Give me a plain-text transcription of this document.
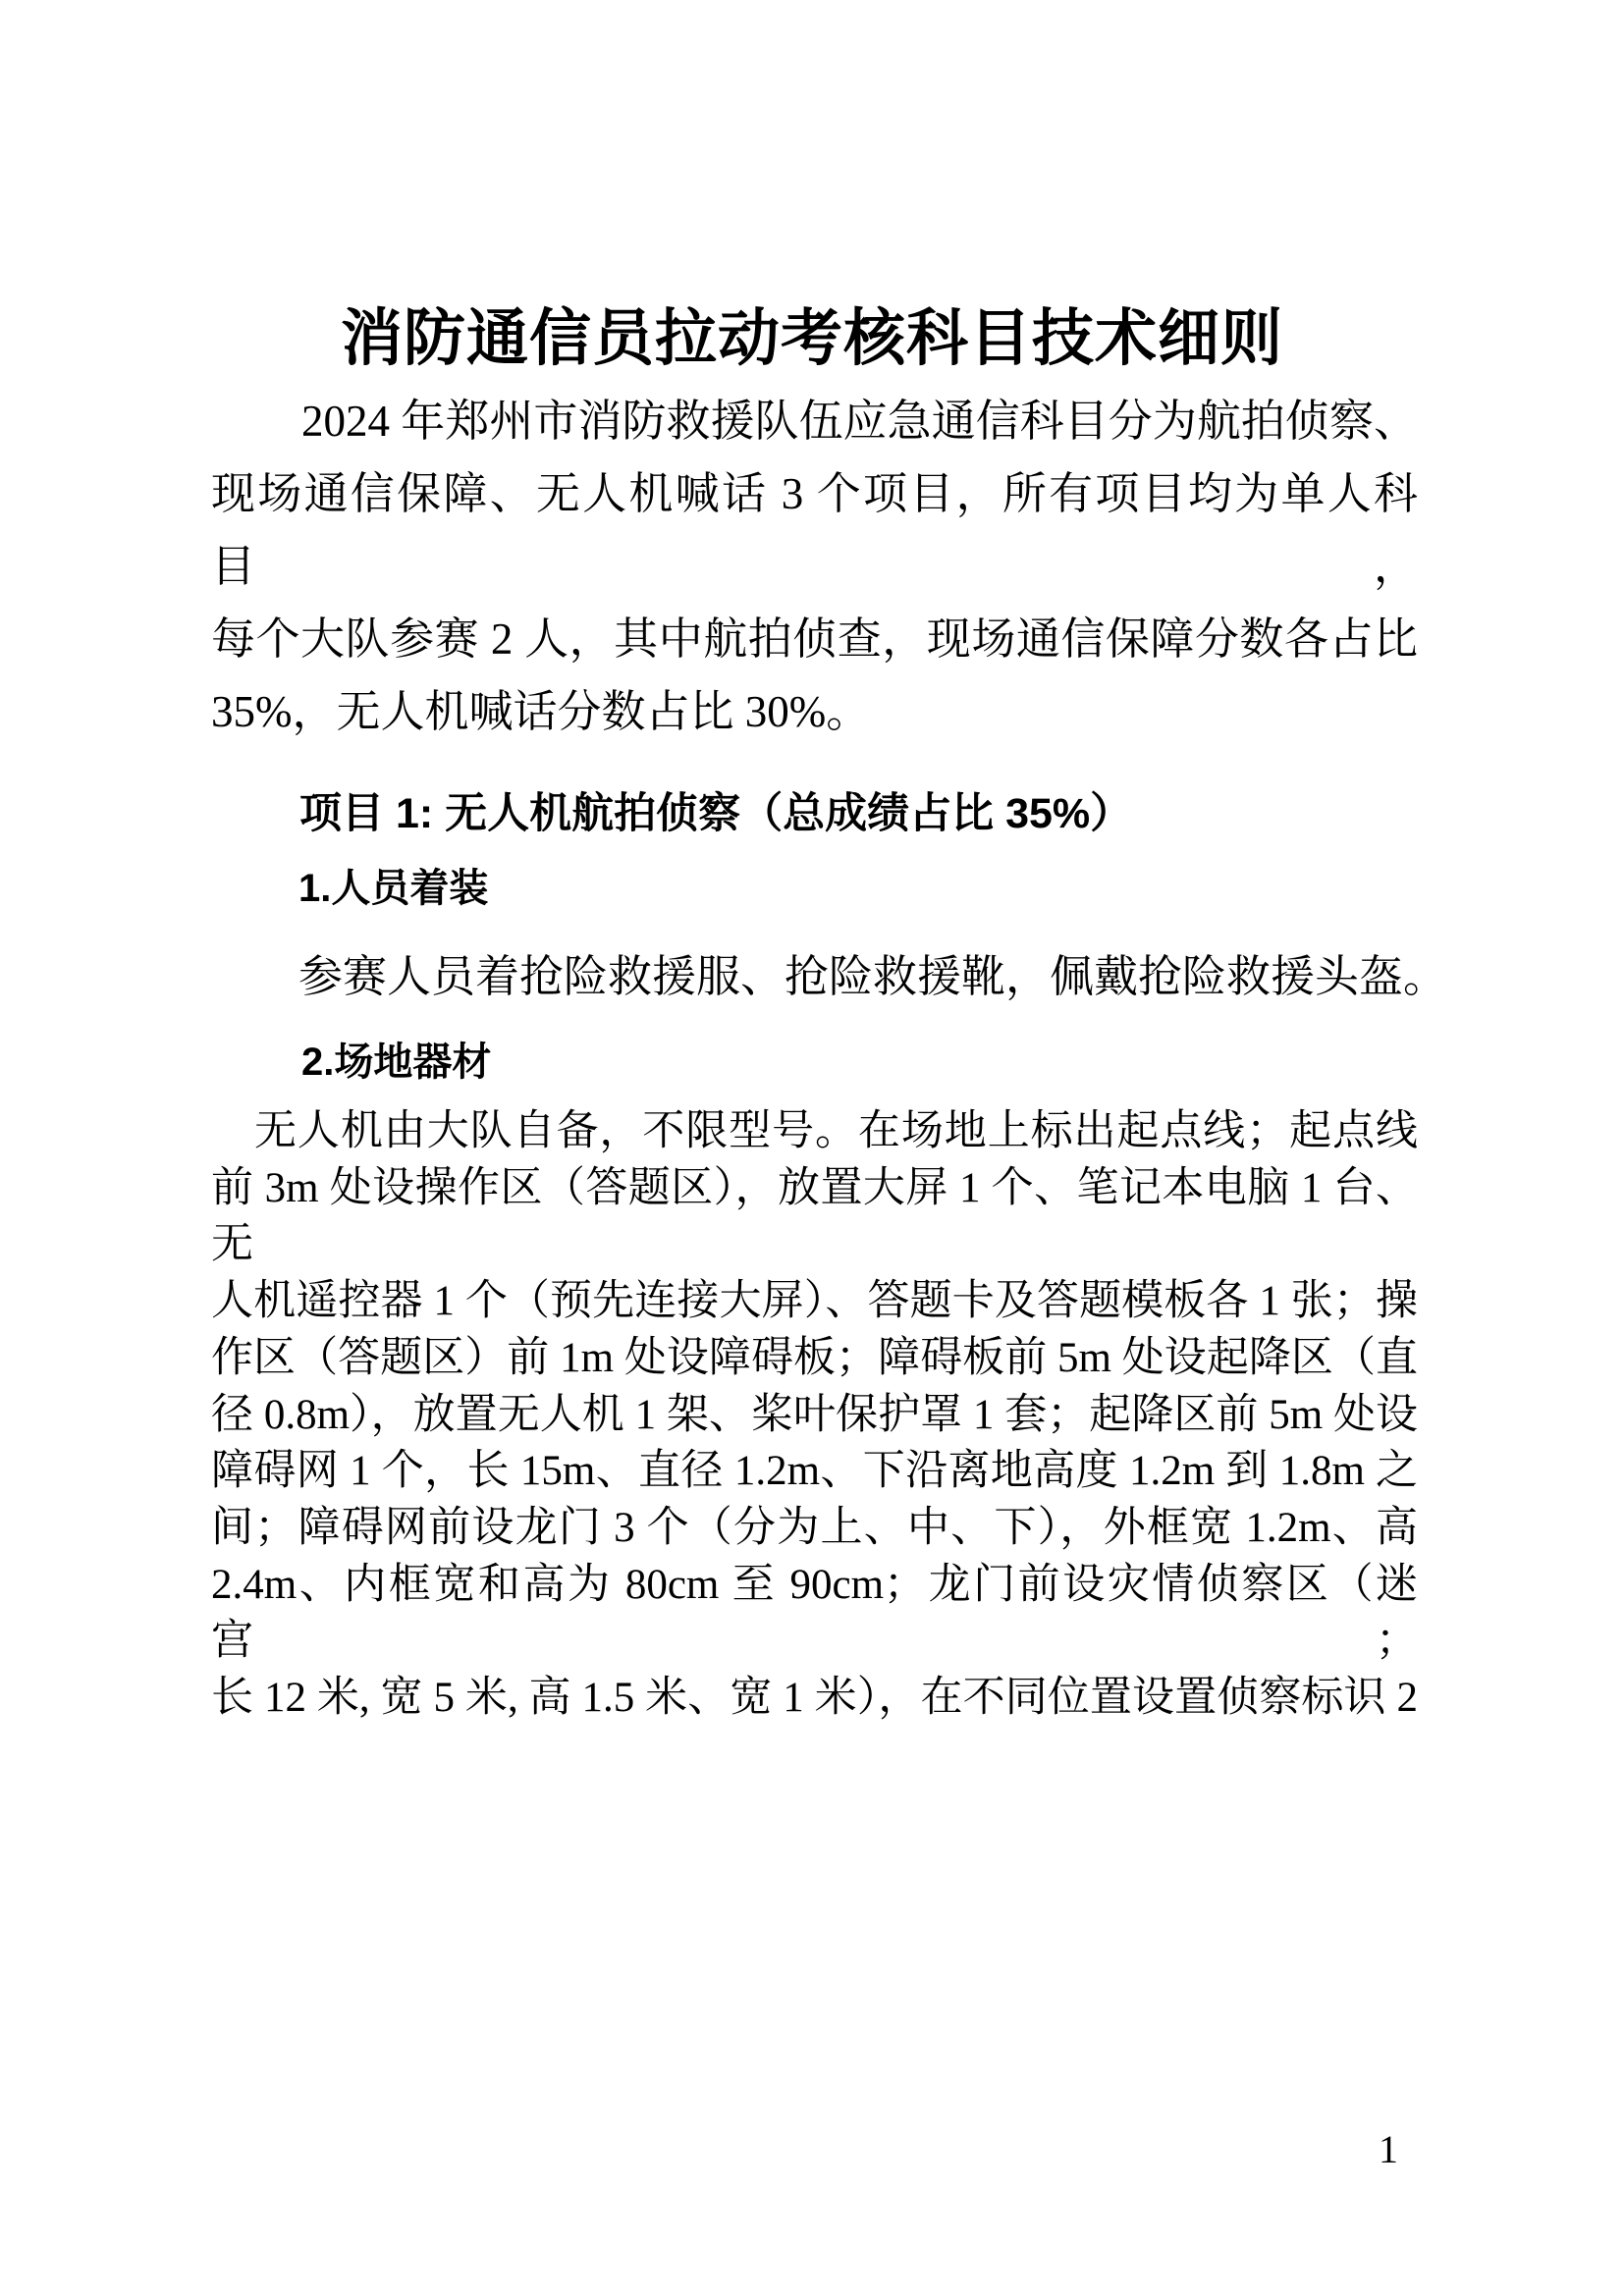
消防通信员拉动考核科目技术细则
2024 年郑州市消防救援队伍应急通信科目分为航拍侦察、
现场通信保障、无人机喊话 3 个项目，所有项目均为单人科目，
每个大队参赛 2 人，其中航拍侦查，现场通信保障分数各占比
35%，无人机喊话分数占比 30%。
项目 1: 无人机航拍侦察（总成绩占比 35%）
1.人员着装
参赛人员着抢险救援服、抢险救援靴，佩戴抢险救援头盔。
2.场地器材
无人机由大队自备，不限型号。在场地上标出起点线；起点线
前 3m 处设操作区（答题区），放置大屏 1 个、笔记本电脑 1 台、无
人机遥控器 1 个（预先连接大屏）、答题卡及答题模板各 1 张；操
作区（答题区）前 1m 处设障碍板；障碍板前 5m 处设起降区（直
径 0.8m），放置无人机 1 架、桨叶保护罩 1 套；起降区前 5m 处设
障碍网 1 个，长 15m、直径 1.2m、下沿离地高度 1.2m 到 1.8m 之
间；障碍网前设龙门 3 个（分为上、中、下），外框宽 1.2m、高
2.4m、内框宽和高为 80cm 至 90cm；龙门前设灾情侦察区（迷宫；
长 12 米, 宽 5 米, 高 1.5 米、宽 1 米），在不同位置设置侦察标识 2
1
